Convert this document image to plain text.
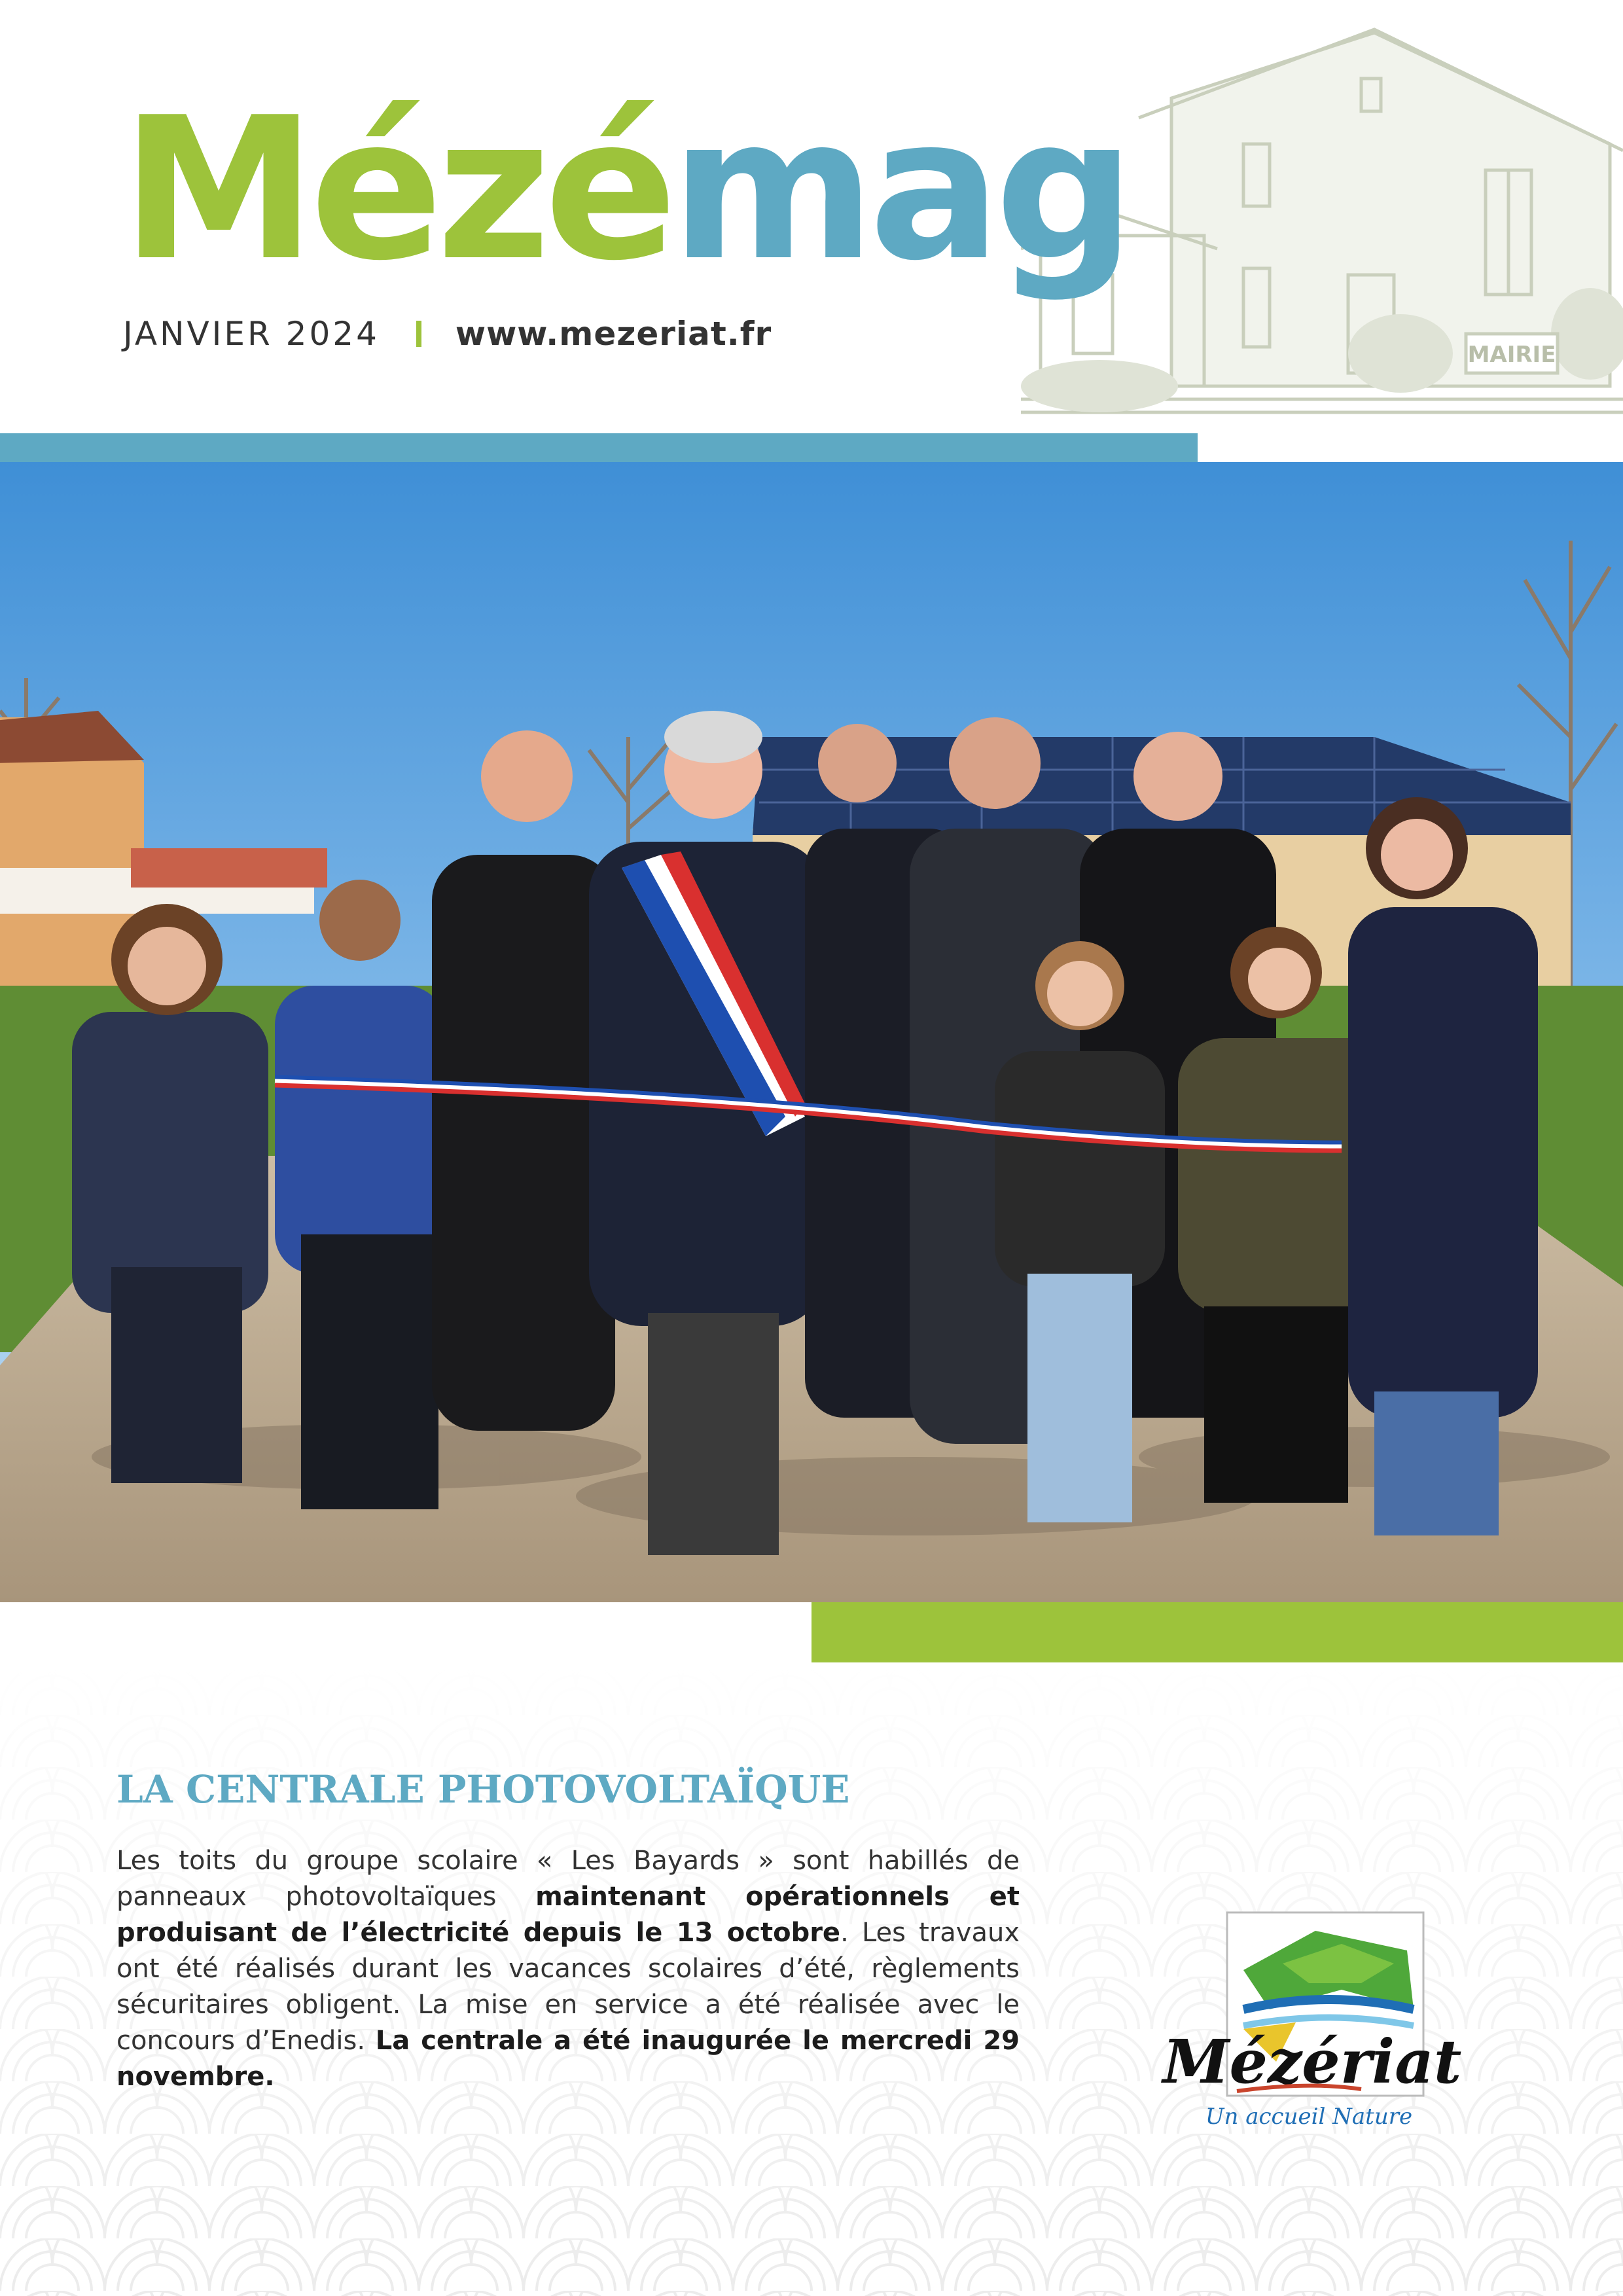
MAIRIE
Mézémag
JANVIER 2024 www.mezeriat.fr
LA CENTRALE PHOTOVOLTAÏQUE

Les toits du groupe scolaire « Les Bayards » sont habillés de panneaux photovoltaïques maintenant opérationnels et produisant de l’électricité depuis le 13 octobre. Les travaux ont été réalisés durant les vacances scolaires d’été, règlements sécuritaires obligent. La mise en service a été réalisée avec le concours d’Enedis. La centrale a été inaugurée le mercredi 29 novembre.	Mézériat
Un accueil Nature
